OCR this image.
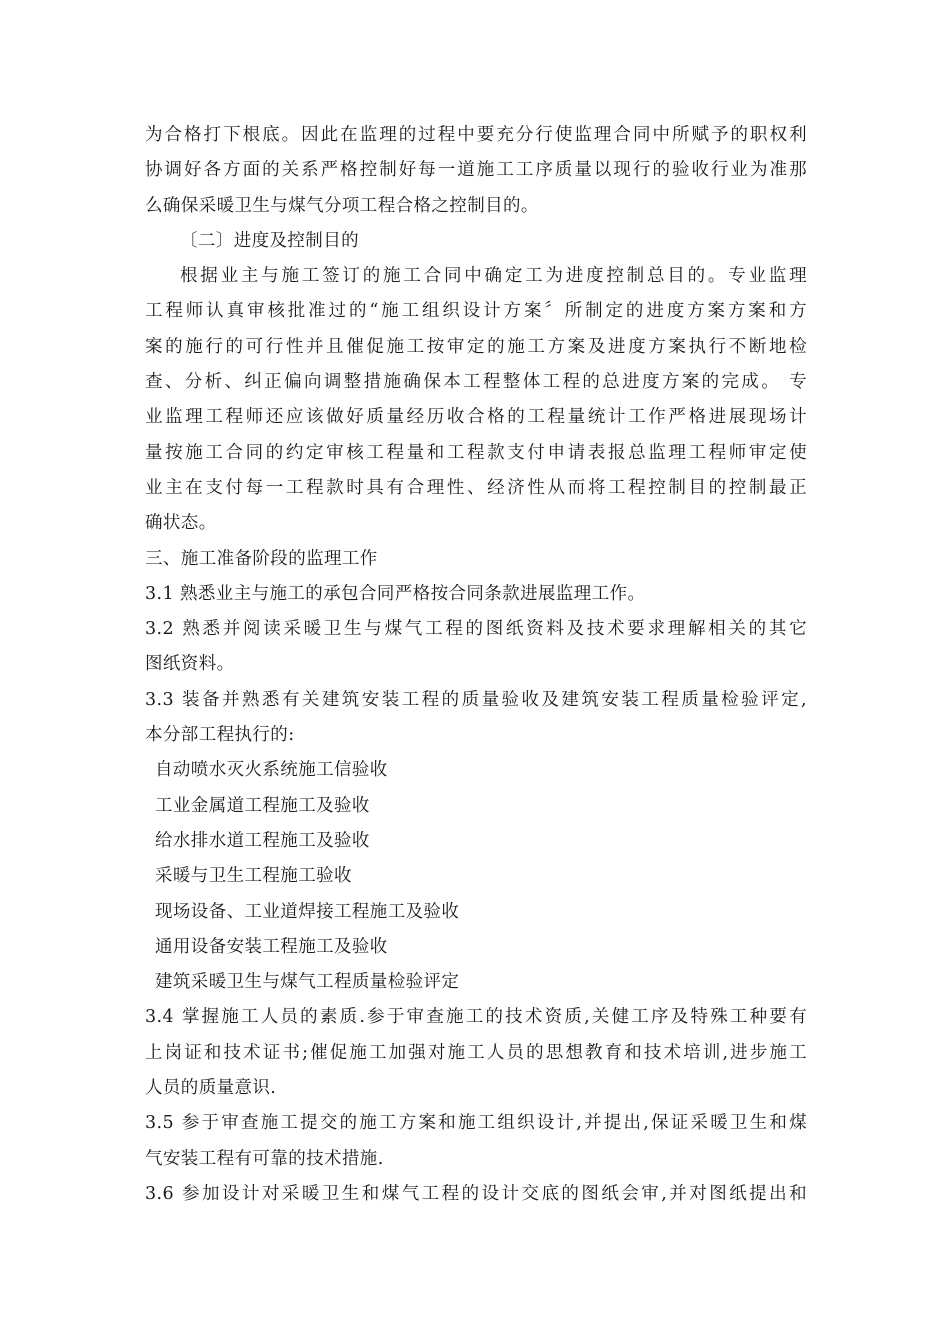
为合格打下根底。因此在监理的过程中要充分行使监理合同中所赋予的职权利
协调好各方面的关系严格控制好每一道施工工序质量以现行的验收行业为准那
么确保采暖卫生与煤气分项工程合格之控制目的。
〔二〕进度及控制目的
根据业主与施工签订的施工合同中确定工为进度控制总目的。专业监理
工程师认真审核批准过的“施工组织设计方案〞所制定的进度方案方案和方
案的施行的可行性并且催促施工按审定的施工方案及进度方案执行不断地检
查、分析、纠正偏向调整措施确保本工程整体工程的总进度方案的完成。 专
业监理工程师还应该做好质量经历收合格的工程量统计工作严格进展现场计
量按施工合同的约定审核工程量和工程款支付申请表报总监理工程师审定使
业主在支付每一工程款时具有合理性、经济性从而将工程控制目的控制最正
确状态。
三、施工准备阶段的监理工作
3.1 熟悉业主与施工的承包合同严格按合同条款进展监理工作。
3.2 熟悉并阅读采暖卫生与煤气工程的图纸资料及技术要求理解相关的其它
图纸资料。
3.3 装备并熟悉有关建筑安装工程的质量验收及建筑安装工程质量检验评定,
本分部工程执行的:
自动喷水灭火系统施工信验收
工业金属道工程施工及验收
给水排水道工程施工及验收
采暖与卫生工程施工验收
现场设备、工业道焊接工程施工及验收
通用设备安装工程施工及验收
建筑采暖卫生与煤气工程质量检验评定
3.4 掌握施工人员的素质.参于审查施工的技术资质,关健工序及特殊工种要有
上岗证和技术证书;催促施工加强对施工人员的思想教育和技术培训,进步施工
人员的质量意识.
3.5 参于审查施工提交的施工方案和施工组织设计,并提出,保证采暖卫生和煤
气安装工程有可靠的技术措施.
3.6 参加设计对采暖卫生和煤气工程的设计交底的图纸会审,并对图纸提出和
